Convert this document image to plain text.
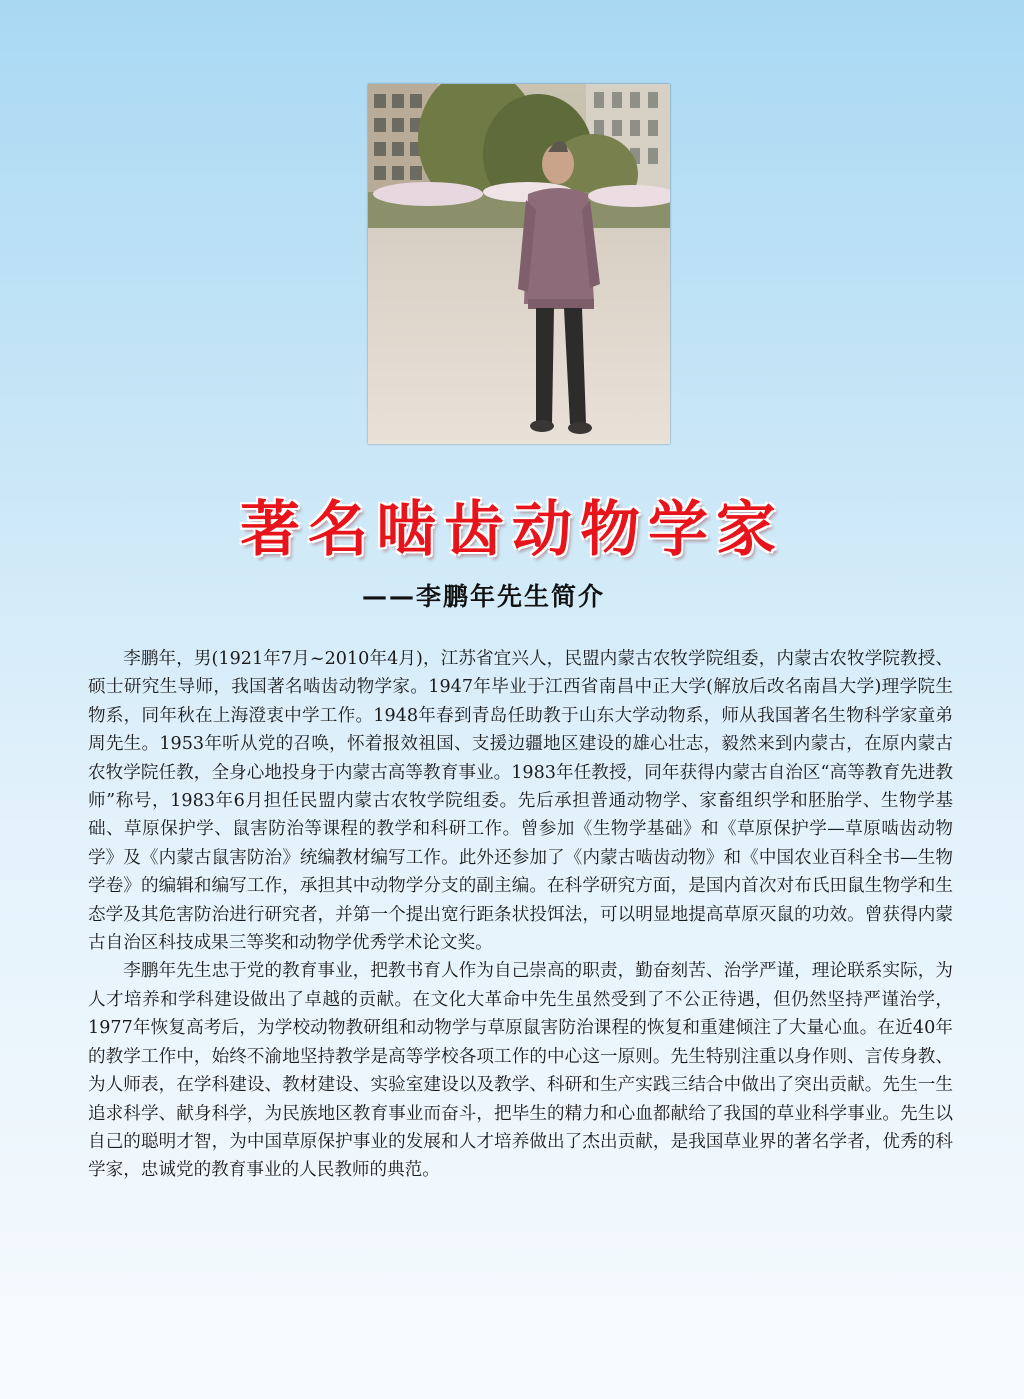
著名啮齿动物学家
——李鹏年先生简介

李鹏年，男(1921年7月~2010年4月)，江苏省宜兴人，民盟内蒙古农牧学院组委，内蒙古农牧学院教授、硕士研究生导师，我国著名啮齿动物学家。1947年毕业于江西省南昌中正大学(解放后改名南昌大学)理学院生物系，同年秋在上海澄衷中学工作。1948年春到青岛任助教于山东大学动物系，师从我国著名生物科学家童弟周先生。1953年听从党的召唤，怀着报效祖国、支援边疆地区建设的雄心壮志，毅然来到内蒙古，在原内蒙古农牧学院任教，全身心地投身于内蒙古高等教育事业。1983年任教授，同年获得内蒙古自治区“高等教育先进教师”称号，1983年6月担任民盟内蒙古农牧学院组委。先后承担普通动物学、家畜组织学和胚胎学、生物学基础、草原保护学、鼠害防治等课程的教学和科研工作。曾参加《生物学基础》和《草原保护学—草原啮齿动物学》及《内蒙古鼠害防治》统编教材编写工作。此外还参加了《内蒙古啮齿动物》和《中国农业百科全书—生物学卷》的编辑和编写工作，承担其中动物学分支的副主编。在科学研究方面，是国内首次对布氏田鼠生物学和生态学及其危害防治进行研究者，并第一个提出宽行距条状投饵法，可以明显地提高草原灭鼠的功效。曾获得内蒙古自治区科技成果三等奖和动物学优秀学术论文奖。

李鹏年先生忠于党的教育事业，把教书育人作为自己崇高的职责，勤奋刻苦、治学严谨，理论联系实际，为人才培养和学科建设做出了卓越的贡献。在文化大革命中先生虽然受到了不公正待遇，但仍然坚持严谨治学，1977年恢复高考后，为学校动物教研组和动物学与草原鼠害防治课程的恢复和重建倾注了大量心血。在近40年的教学工作中，始终不渝地坚持教学是高等学校各项工作的中心这一原则。先生特别注重以身作则、言传身教、为人师表，在学科建设、教材建设、实验室建设以及教学、科研和生产实践三结合中做出了突出贡献。先生一生追求科学、献身科学，为民族地区教育事业而奋斗，把毕生的精力和心血都献给了我国的草业科学事业。先生以自己的聪明才智，为中国草原保护事业的发展和人才培养做出了杰出贡献，是我国草业界的著名学者，优秀的科学家，忠诚党的教育事业的人民教师的典范。
